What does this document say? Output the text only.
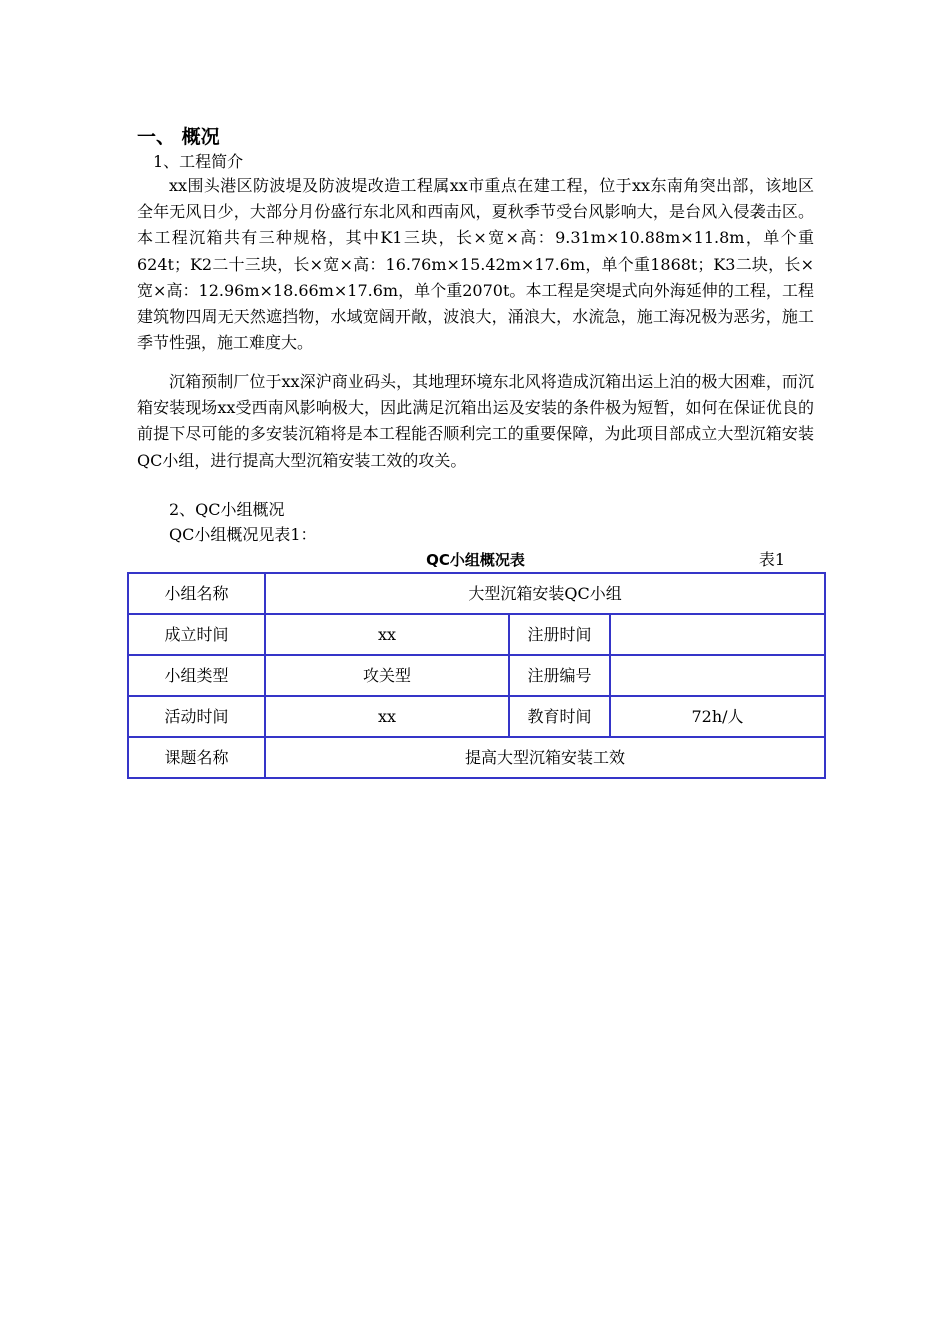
一、 概况
1、工程简介

xx围头港区防波堤及防波堤改造工程属xx市重点在建工程，位于xx东南角突出部，该地区全年无风日少，大部分月份盛行东北风和西南风，夏秋季节受台风影响大，是台风入侵袭击区。本工程沉箱共有三种规格，其中K1三块，长×宽×高：9.31m×10.88m×11.8m，单个重624t；K2二十三块，长×宽×高：16.76m×15.42m×17.6m，单个重1868t；K3二块，长×宽×高：12.96m×18.66m×17.6m，单个重2070t。本工程是突堤式向外海延伸的工程，工程建筑物四周无天然遮挡物，水域宽阔开敞，波浪大，涌浪大，水流急，施工海况极为恶劣，施工季节性强，施工难度大。

沉箱预制厂位于xx深沪商业码头，其地理环境东北风将造成沉箱出运上泊的极大困难，而沉箱安装现场xx受西南风影响极大，因此满足沉箱出运及安装的条件极为短暂，如何在保证优良的前提下尽可能的多安装沉箱将是本工程能否顺利完工的重要保障，为此项目部成立大型沉箱安装QC小组，进行提高大型沉箱安装工效的攻关。

2、QC小组概况
QC小组概况见表1：
QC小组概况表	表1
小组名称	大型沉箱安装QC小组		
成立时间	xx	注册时间	
小组类型	攻关型	注册编号	
活动时间	xx	教育时间	72h/人
课题名称	提高大型沉箱安装工效		
